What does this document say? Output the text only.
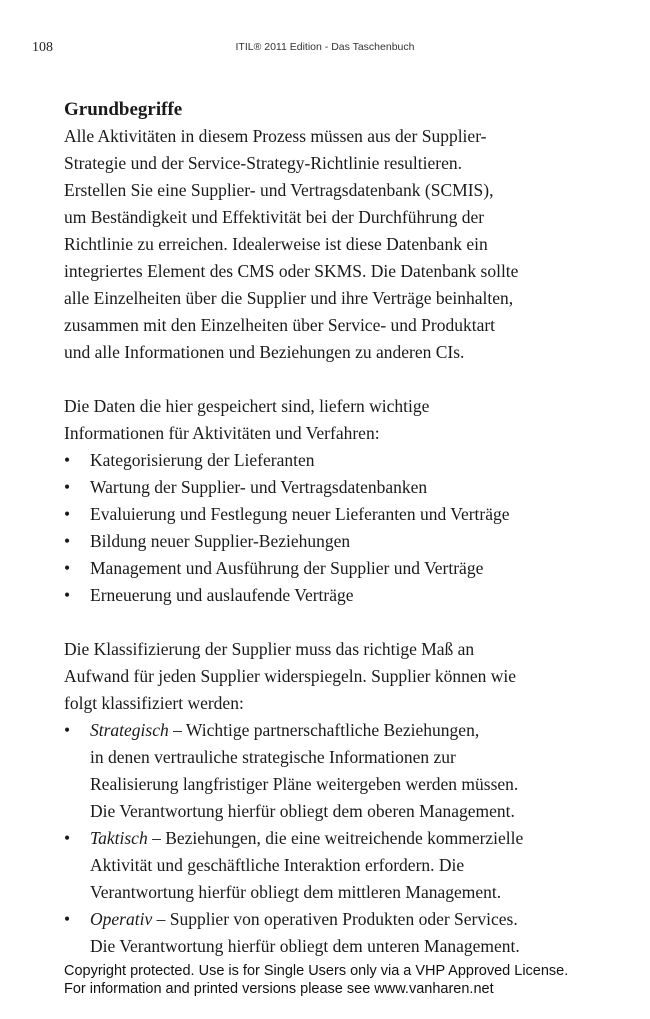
108	ITIL® 2011 Edition - Das Taschenbuch
Grundbegriffe

Alle Aktivitäten in diesem Prozess müssen aus der Supplier-
Strategie und der Service-Strategy-Richtlinie resultieren.
Erstellen Sie eine Supplier- und Vertragsdatenbank (SCMIS),
um Beständigkeit und Effektivität bei der Durchführung der
Richtlinie zu erreichen. Idealerweise ist diese Datenbank ein
integriertes Element des CMS oder SKMS. Die Datenbank sollte
alle Einzelheiten über die Supplier und ihre Verträge beinhalten,
zusammen mit den Einzelheiten über Service- und Produktart
und alle Informationen und Beziehungen zu anderen CIs.

Die Daten die hier gespeichert sind, liefern wichtige
Informationen für Aktivitäten und Verfahren:

• Kategorisierung der Lieferanten
• Wartung der Supplier- und Vertragsdatenbanken
• Evaluierung und Festlegung neuer Lieferanten und Verträge
• Bildung neuer Supplier-Beziehungen
• Management und Ausführung der Supplier und Verträge
• Erneuerung und auslaufende Verträge

Die Klassifizierung der Supplier muss das richtige Maß an
Aufwand für jeden Supplier widerspiegeln. Supplier können wie
folgt klassifiziert werden:

• Strategisch – Wichtige partnerschaftliche Beziehungen,
in denen vertrauliche strategische Informationen zur
Realisierung langfristiger Pläne weitergeben werden müssen.
Die Verantwortung hierfür obliegt dem oberen Management.
• Taktisch – Beziehungen, die eine weitreichende kommerzielle
Aktivität und geschäftliche Interaktion erfordern. Die
Verantwortung hierfür obliegt dem mittleren Management.
• Operativ – Supplier von operativen Produkten oder Services.
Die Verantwortung hierfür obliegt dem unteren Management.
Copyright protected. Use is for Single Users only via a VHP Approved License.
For information and printed versions please see www.vanharen.net
